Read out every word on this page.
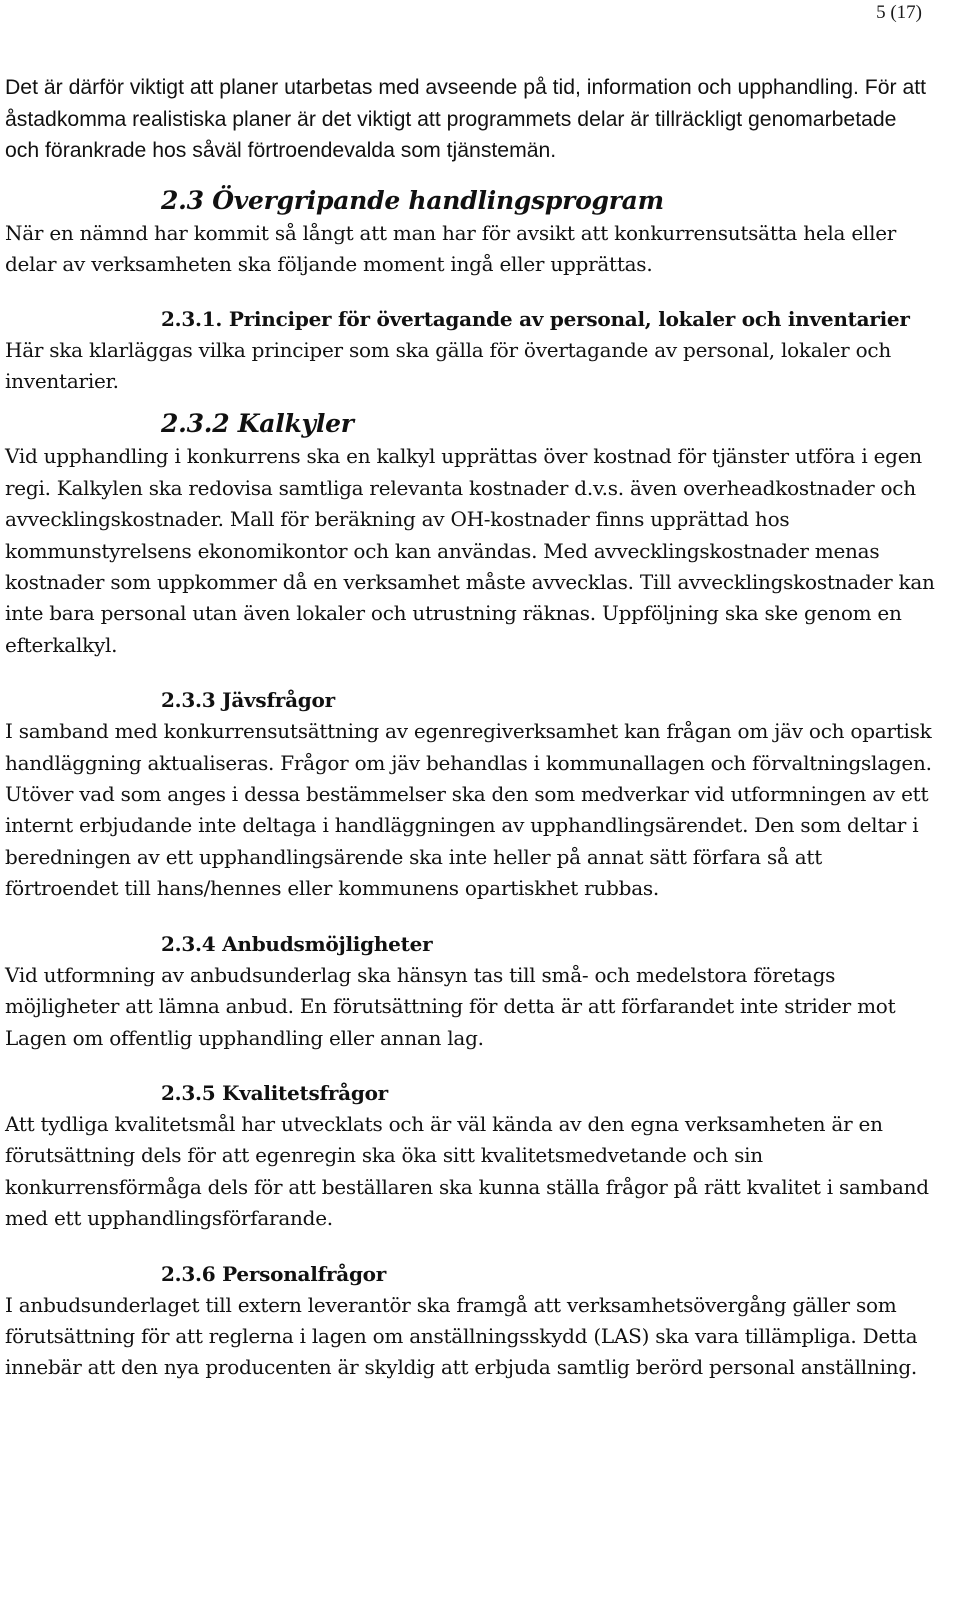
5 (17)

Det är därför viktigt att planer utarbetas med avseende på tid, information och upphandling. För att åstadkomma realistiska planer är det viktigt att programmets delar är tillräckligt genomarbetade och förankrade hos såväl förtroendevalda som tjänstemän.

2.3 Övergripande handlingsprogram

När en nämnd har kommit så långt att man har för avsikt att konkurrensutsätta hela eller delar av verksamheten ska följande moment ingå eller upprättas.

2.3.1. Principer för övertagande av personal, lokaler och inventarier

Här ska klarläggas vilka principer som ska gälla för övertagande av personal, lokaler och inventarier.

2.3.2 Kalkyler

Vid upphandling i konkurrens ska en kalkyl upprättas över kostnad för tjänster utföra i egen regi. Kalkylen ska redovisa samtliga relevanta kostnader d.v.s. även overheadkostnader och avvecklingskostnader. Mall för beräkning av OH-kostnader finns upprättad hos kommunstyrelsens ekonomikontor och kan användas. Med avvecklingskostnader menas kostnader som uppkommer då en verksamhet måste avvecklas. Till avvecklingskostnader kan inte bara personal utan även lokaler och utrustning räknas. Uppföljning ska ske genom en efterkalkyl.

2.3.3 Jävsfrågor

I samband med konkurrensutsättning av egenregiverksamhet kan frågan om jäv och opartisk handläggning aktualiseras. Frågor om jäv behandlas i kommunallagen och förvaltningslagen. Utöver vad som anges i dessa bestämmelser ska den som medverkar vid utformningen av ett internt erbjudande inte deltaga i handläggningen av upphandlingsärendet. Den som deltar i beredningen av ett upphandlingsärende ska inte heller på annat sätt förfara så att förtroendet till hans/hennes eller kommunens opartiskhet rubbas.

2.3.4 Anbudsmöjligheter

Vid utformning av anbudsunderlag ska hänsyn tas till små- och medelstora företags möjligheter att lämna anbud. En förutsättning för detta är att förfarandet inte strider mot Lagen om offentlig upphandling eller annan lag.

2.3.5 Kvalitetsfrågor

Att tydliga kvalitetsmål har utvecklats och är väl kända av den egna verksamheten är en förutsättning dels för att egenregin ska öka sitt kvalitetsmedvetande och sin konkurrensförmåga dels för att beställaren ska kunna ställa frågor på rätt kvalitet i samband med ett upphandlingsförfarande.

2.3.6 Personalfrågor

I anbudsunderlaget till extern leverantör ska framgå att verksamhetsövergång gäller som förutsättning för att reglerna i lagen om anställningsskydd (LAS) ska vara tillämpliga. Detta innebär att den nya producenten är skyldig att erbjuda samtlig berörd personal anställning.
